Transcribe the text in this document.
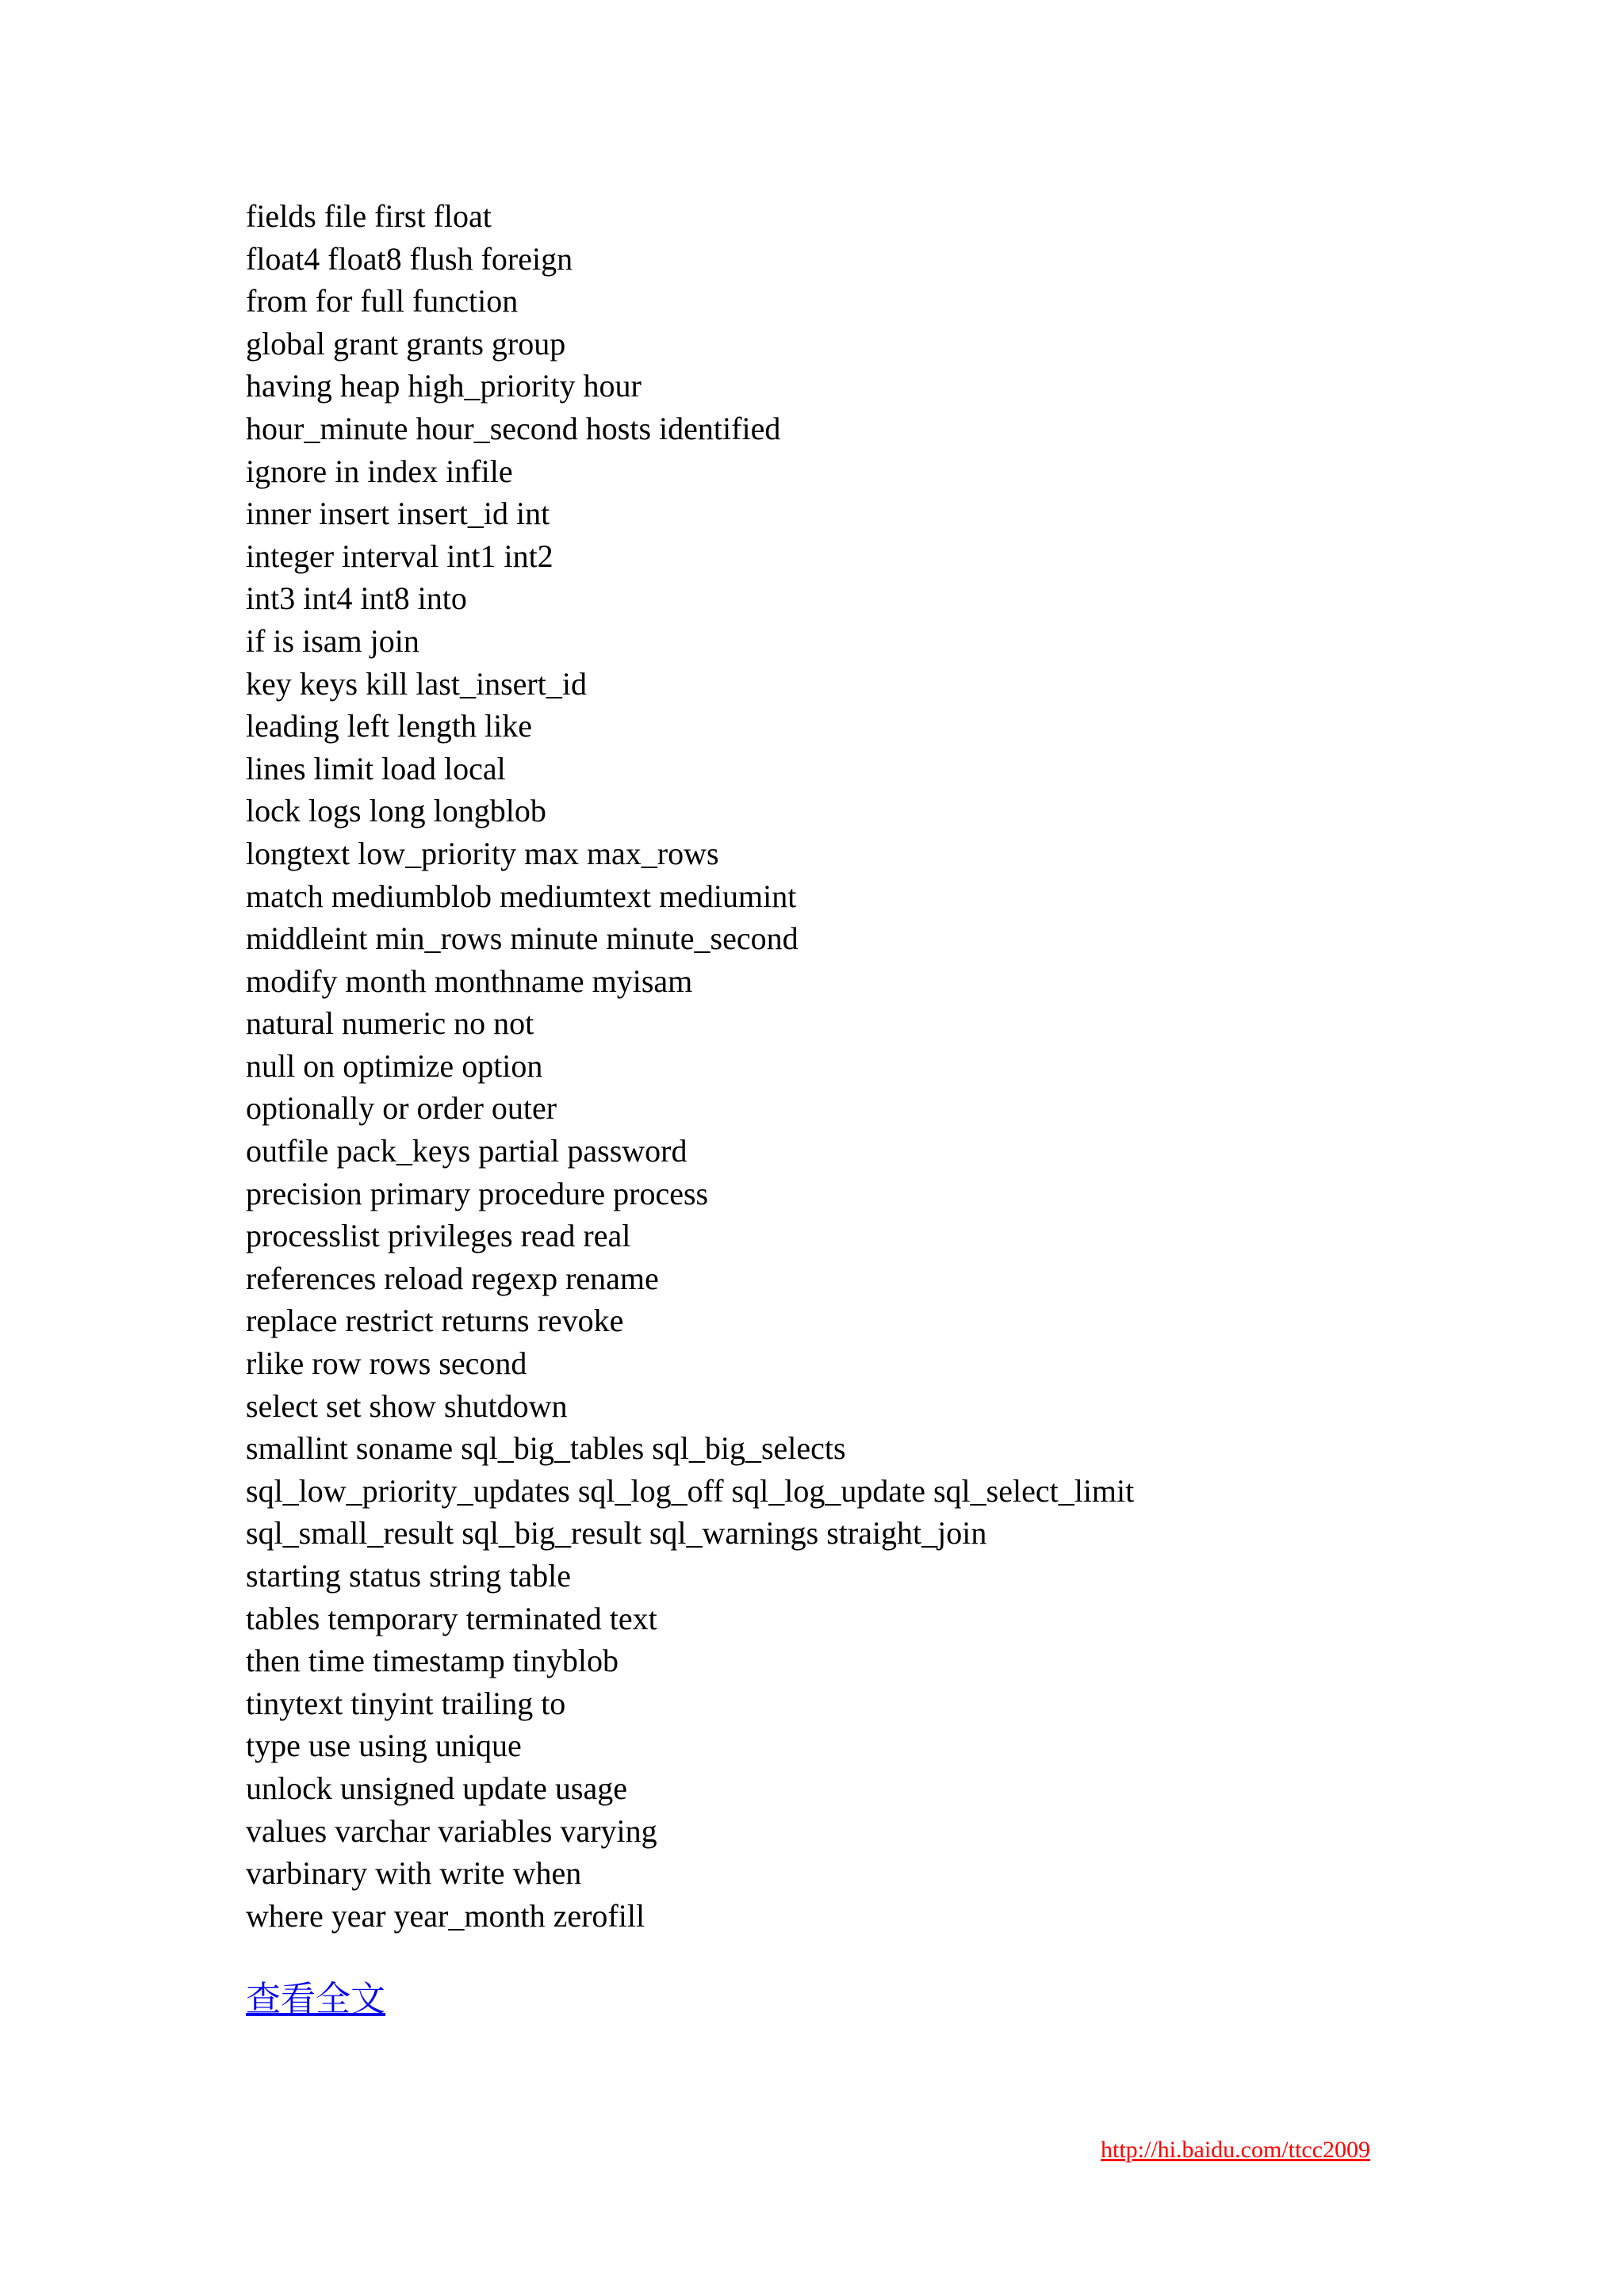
fields file first float
float4 float8 flush foreign
from for full function
global grant grants group
having heap high_priority hour
hour_minute hour_second hosts identified
ignore in index infile
inner insert insert_id int
integer interval int1 int2
int3 int4 int8 into
if is isam join
key keys kill last_insert_id
leading left length like
lines limit load local
lock logs long longblob
longtext low_priority max max_rows
match mediumblob mediumtext mediumint
middleint min_rows minute minute_second
modify month monthname myisam
natural numeric no not
null on optimize option
optionally or order outer
outfile pack_keys partial password
precision primary procedure process
processlist privileges read real
references reload regexp rename
replace restrict returns revoke
rlike row rows second
select set show shutdown
smallint soname sql_big_tables sql_big_selects
sql_low_priority_updates sql_log_off sql_log_update sql_select_limit
sql_small_result sql_big_result sql_warnings straight_join
starting status string table
tables temporary terminated text
then time timestamp tinyblob
tinytext tinyint trailing to
type use using unique
unlock unsigned update usage
values varchar variables varying
varbinary with write when
where year year_month zerofill
查看全文
http://hi.baidu.com/ttcc2009
